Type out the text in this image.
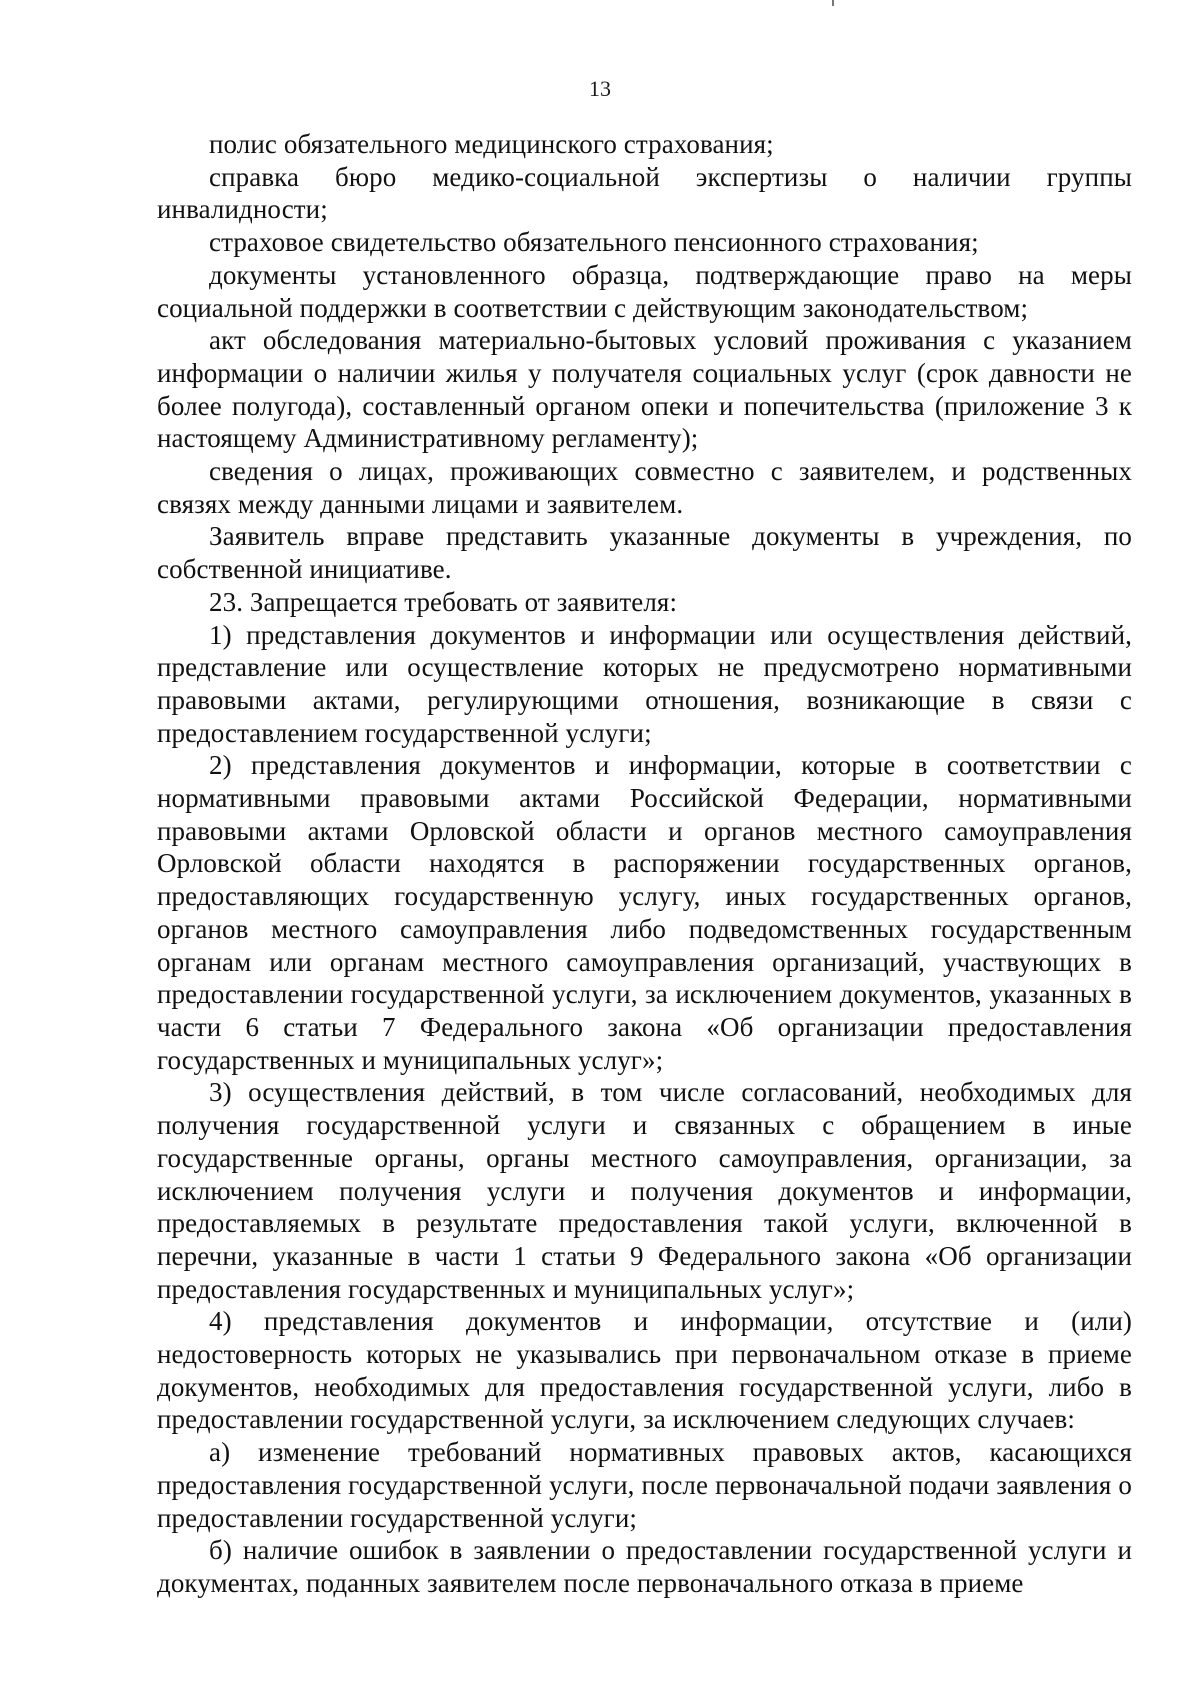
13

полис обязательного медицинского страхования;

справка бюро медико-социальной экспертизы о наличии группы инвалидности;

страховое свидетельство обязательного пенсионного страхования;

документы установленного образца, подтверждающие право на меры социальной поддержки в соответствии с действующим законодательством;

акт обследования материально-бытовых условий проживания с указанием информации о наличии жилья у получателя социальных услуг (срок давности не более полугода), составленный органом опеки и попечительства (приложение 3 к настоящему Административному регламенту);

сведения о лицах, проживающих совместно с заявителем, и родственных связях между данными лицами и заявителем.

Заявитель вправе представить указанные документы в учреждения, по собственной инициативе.

23. Запрещается требовать от заявителя:

1) представления документов и информации или осуществления действий, представление или осуществление которых не предусмотрено нормативными правовыми актами, регулирующими отношения, возникающие в связи с предоставлением государственной услуги;

2) представления документов и информации, которые в соответствии с нормативными правовыми актами Российской Федерации, нормативными правовыми актами Орловской области и органов местного самоуправления Орловской области находятся в распоряжении государственных органов, предоставляющих государственную услугу, иных государственных органов, органов местного самоуправления либо подведомственных государственным органам или органам местного самоуправления организаций, участвующих в предоставлении государственной услуги, за исключением документов, указанных в части 6 статьи 7 Федерального закона «Об организации предоставления государственных и муниципальных услуг»;

3) осуществления действий, в том числе согласований, необходимых для получения государственной услуги и связанных с обращением в иные государственные органы, органы местного самоуправления, организации, за исключением получения услуги и получения документов и информации, предоставляемых в результате предоставления такой услуги, включенной в перечни, указанные в части 1 статьи 9 Федерального закона «Об организации предоставления государственных и муниципальных услуг»;

4) представления документов и информации, отсутствие и (или) недостоверность которых не указывались при первоначальном отказе в приеме документов, необходимых для предоставления государственной услуги, либо в предоставлении государственной услуги, за исключением следующих случаев:

а) изменение требований нормативных правовых актов, касающихся предоставления государственной услуги, после первоначальной подачи заявления о предоставлении государственной услуги;

б) наличие ошибок в заявлении о предоставлении государственной услуги и документах, поданных заявителем после первоначального отказа в приеме
